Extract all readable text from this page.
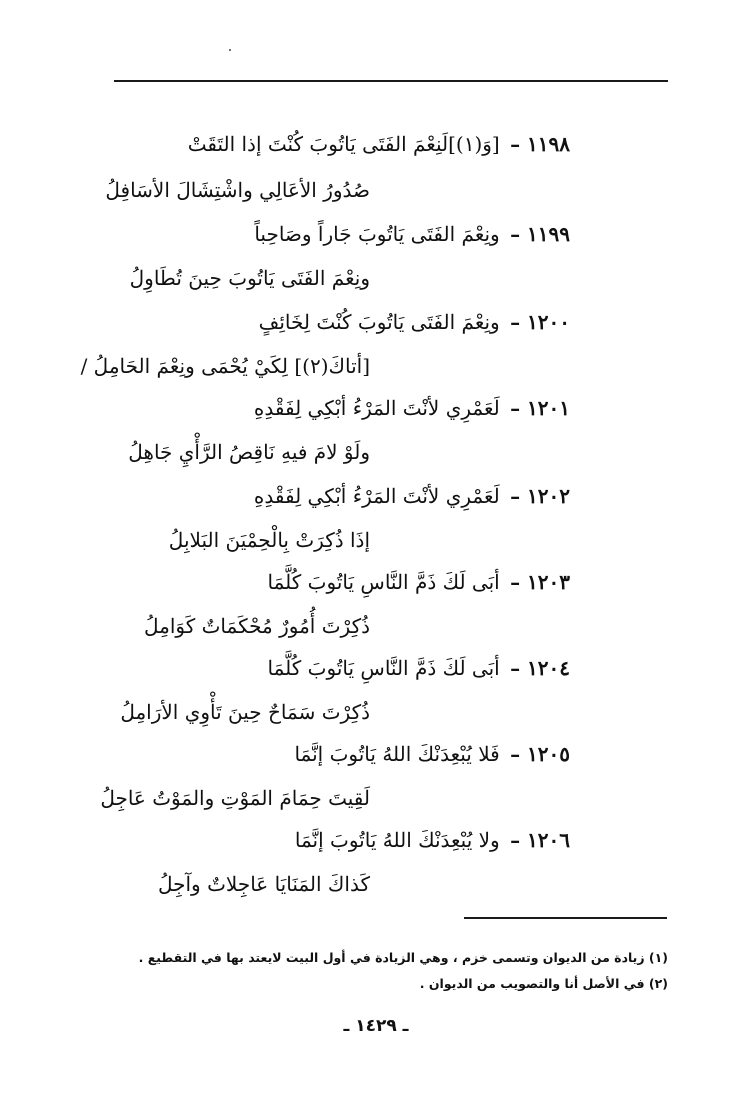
١١٩٨ – [وَ(١)]لَنِعْمَ الفَتَى يَاتُوبَ كُنْتَ إذا التَقَتْ
صُدُورُ الأعَالِي واشْتِشَالَ الأسَافِلُ
١١٩٩ – ونِعْمَ الفَتَى يَاتُوبَ جَاراً وصَاحِباً
ونِعْمَ الفَتَى يَاتُوبَ حِينَ تُطَاوِلُ
١٢٠٠ – ونِعْمَ الفَتَى يَاتُوبَ كُنْتَ لِخَائِفٍ
[أتاكَ(٢)] لِكَيْ يُحْمَى ونِعْمَ الحَامِلُ /
١٢٠١ – لَعَمْرِي لأنْتَ المَرْءُ أبْكِي لِفَقْدِهِ
ولَوْ لامَ فيهِ نَاقِصُ الرَّأْيِ جَاهِلُ
١٢٠٢ – لَعَمْرِي لأنْتَ المَرْءُ أبْكِي لِفَقْدِهِ
إذَا ذُكِرَتْ بِالْحِمْيَنَ البَلابِلُ
١٢٠٣ – أبَى لَكَ ذَمَّ النَّاسِ يَاتُوبَ كُلَّمَا
ذُكِرْتَ أُمُورٌ مُحْكَمَاتٌ كَوَامِلُ
١٢٠٤ – أبَى لَكَ ذَمَّ النَّاسِ يَاتُوبَ كُلَّمَا
ذُكِرْتَ سَمَاحٌ حِينَ تَأْوِي الأرَامِلُ
١٢٠٥ – فَلا يُبْعِدَنْكَ اللهُ يَاتُوبَ إنَّمَا
لَقِيتَ حِمَامَ المَوْتِ والمَوْتُ عَاجِلُ
١٢٠٦ – ولا يُبْعِدَنْكَ اللهُ يَاتُوبَ إنَّمَا
كَذاكَ المَنَايَا عَاجِلاتٌ وآجِلُ
(١) زيادة من الديوان وتسمى خزم ، وهي الزيادة في أول البيت لايعتد بها في التقطيع .
(٢) في الأصل أنا والتصويب من الديوان .
ـ ١٤٢٩ ـ
